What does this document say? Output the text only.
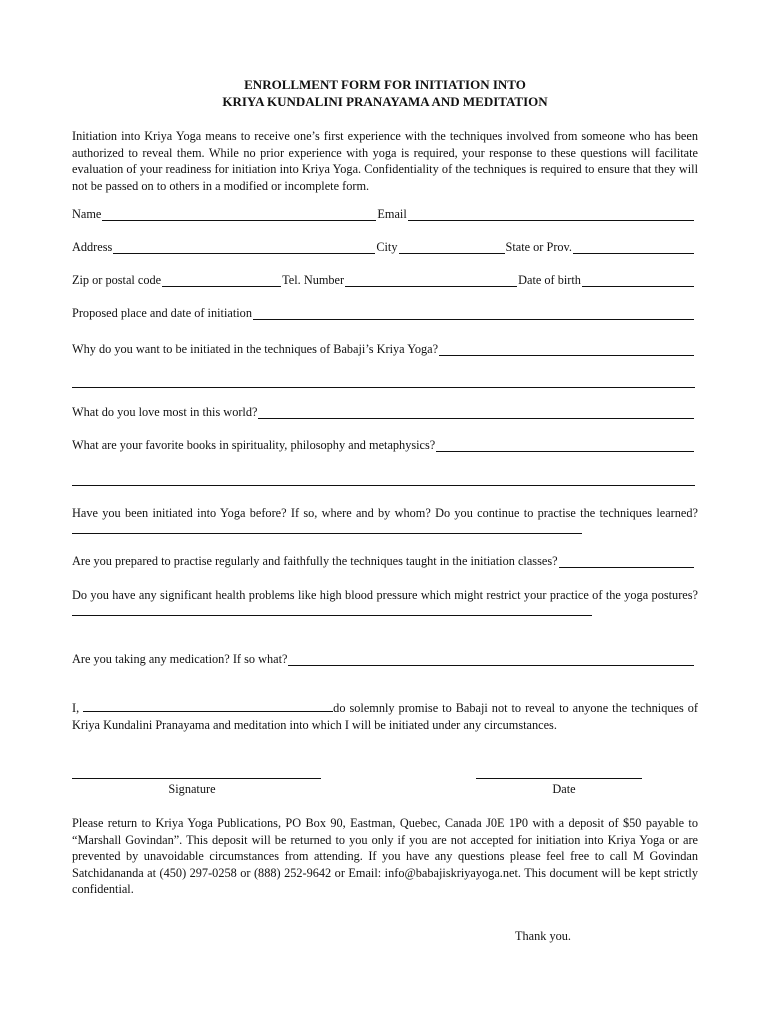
ENROLLMENT FORM FOR INITIATION INTO
KRIYA KUNDALINI PRANAYAMA AND MEDITATION
Initiation into Kriya Yoga means to receive one’s first experience with the techniques involved from someone who has been authorized to reveal them. While no prior experience with yoga is required, your response to these questions will facilitate evaluation of your readiness for initiation into Kriya Yoga. Confidentiality of the techniques is required to ensure that they will not be passed on to others in a modified or incomplete form.
Name	Email
Address	City	State or Prov.
Zip or postal code	Tel. Number	Date of birth
Proposed place and date of initiation
Why do you want to be initiated in the techniques of Babaji’s Kriya Yoga?
What do you love most in this world?
What are your favorite books in spirituality, philosophy and metaphysics?
Have you been initiated into Yoga before? If so, where and by whom? Do you continue to practise the techniques learned?
Are you prepared to practise regularly and faithfully the techniques taught in the initiation classes?
Do you have any significant health problems like high blood pressure which might restrict your practice of the yoga postures?
Are you taking any medication? If so what?
I,	do solemnly promise to Babaji not to reveal to anyone the techniques of Kriya Kundalini Pranayama and meditation into which I will be initiated under any circumstances.
Signature	Date
Please return to Kriya Yoga Publications, PO Box 90, Eastman, Quebec, Canada J0E 1P0 with a deposit of $50 payable to “Marshall Govindan”. This deposit will be returned to you only if you are not accepted for initiation into Kriya Yoga or are prevented by unavoidable circumstances from attending. If you have any questions please feel free to call M Govindan Satchidananda at (450) 297-0258 or (888) 252-9642 or Email: info@babajiskriyayoga.net. This document will be kept strictly confidential.
Thank you.
